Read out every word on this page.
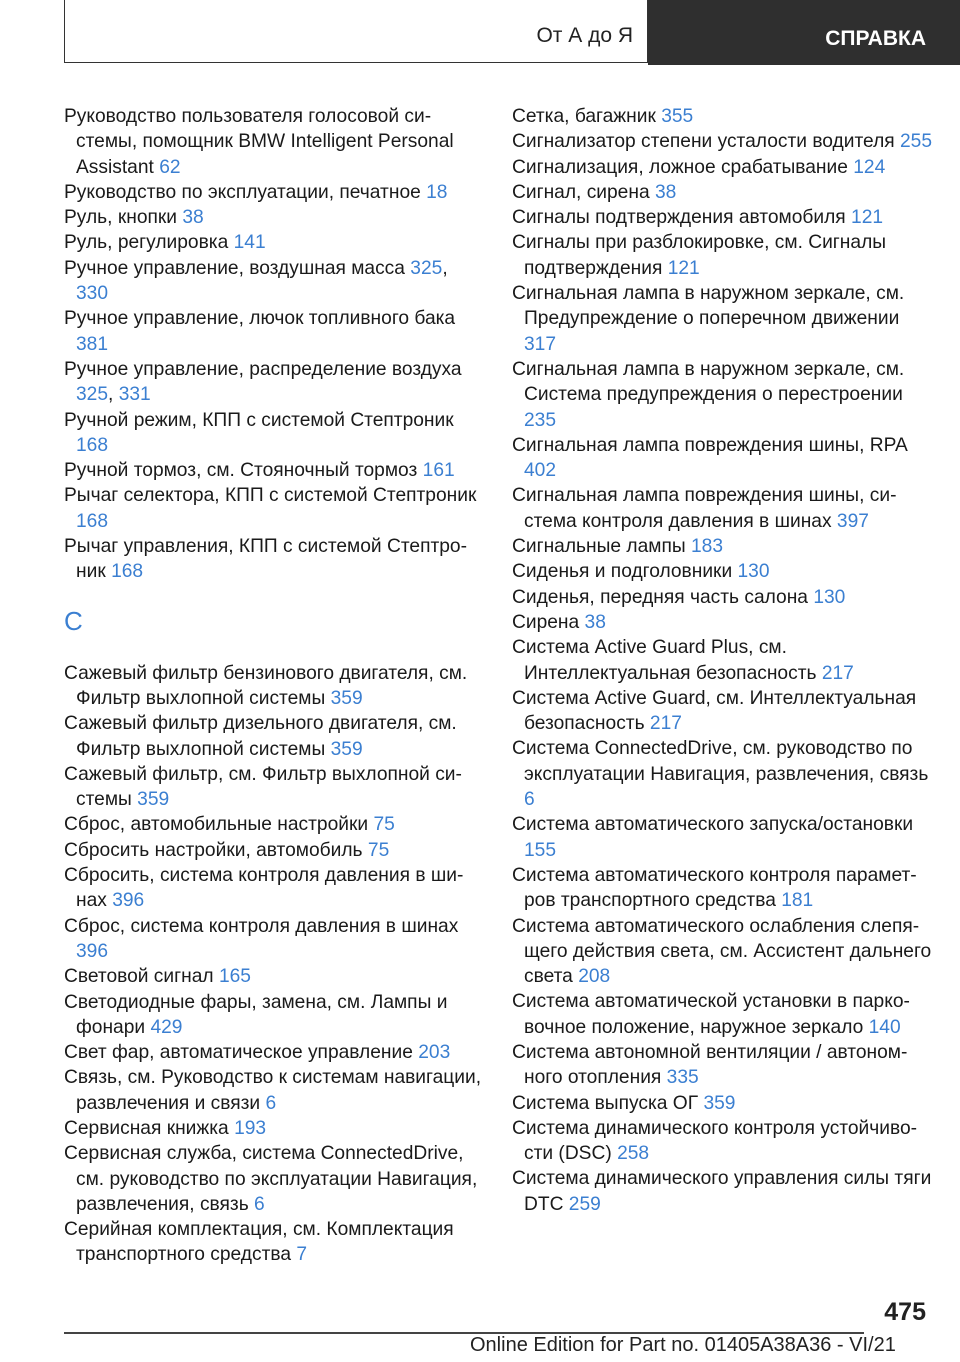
От А до Я	СПРАВКА
Руководство пользователя голосовой системы, помощник BMW Intelligent Personal Assistant 62
Руководство по эксплуатации, печатное 18
Руль, кнопки 38
Руль, регулировка 141
Ручное управление, воздушная масса 325, 330
Ручное управление, лючок топливного бака 381
Ручное управление, распределение воздуха 325, 331
Ручной режим, КПП с системой Стептроник 168
Ручной тормоз, см. Стояночный тормоз 161
Рычаг селектора, КПП с системой Стептроник 168
Рычаг управления, КПП с системой Стептроник 168
С
Сажевый фильтр бензинового двигателя, см. Фильтр выхлопной системы 359
Сажевый фильтр дизельного двигателя, см. Фильтр выхлопной системы 359
Сажевый фильтр, см. Фильтр выхлопной системы 359
Сброс, автомобильные настройки 75
Сбросить настройки, автомобиль 75
Сбросить, система контроля давления в шинах 396
Сброс, система контроля давления в шинах 396
Световой сигнал 165
Светодиодные фары, замена, см. Лампы и фонари 429
Свет фар, автоматическое управление 203
Связь, см. Руководство к системам навигации, развлечения и связи 6
Сервисная книжка 193
Сервисная служба, система ConnectedDrive, см. руководство по эксплуатации Навигация, развлечения, связь 6
Серийная комплектация, см. Комплектация транспортного средства 7
Сетка, багажник 355
Сигнализатор степени усталости водителя 255
Сигнализация, ложное срабатывание 124
Сигнал, сирена 38
Сигналы подтверждения автомобиля 121
Сигналы при разблокировке, см. Сигналы подтверждения 121
Сигнальная лампа в наружном зеркале, см. Предупреждение о поперечном движении 317
Сигнальная лампа в наружном зеркале, см. Система предупреждения о перестроении 235
Сигнальная лампа повреждения шины, RPA 402
Сигнальная лампа повреждения шины, система контроля давления в шинах 397
Сигнальные лампы 183
Сиденья и подголовники 130
Сиденья, передняя часть салона 130
Сирена 38
Система Active Guard Plus, см. Интеллектуальная безопасность 217
Система Active Guard, см. Интеллектуальная безопасность 217
Система ConnectedDrive, см. руководство по эксплуатации Навигация, развлечения, связь 6
Система автоматического запуска/остановки 155
Система автоматического контроля параметров транспортного средства 181
Система автоматического ослабления слепящего действия света, см. Ассистент дальнего света 208
Система автоматической установки в парковочное положение, наружное зеркало 140
Система автономной вентиляции / автономного отопления 335
Система выпуска ОГ 359
Система динамического контроля устойчивости (DSC) 258
Система динамического управления силы тяги DTC 259
475
Online Edition for Part no. 01405A38A36 - VI/21
